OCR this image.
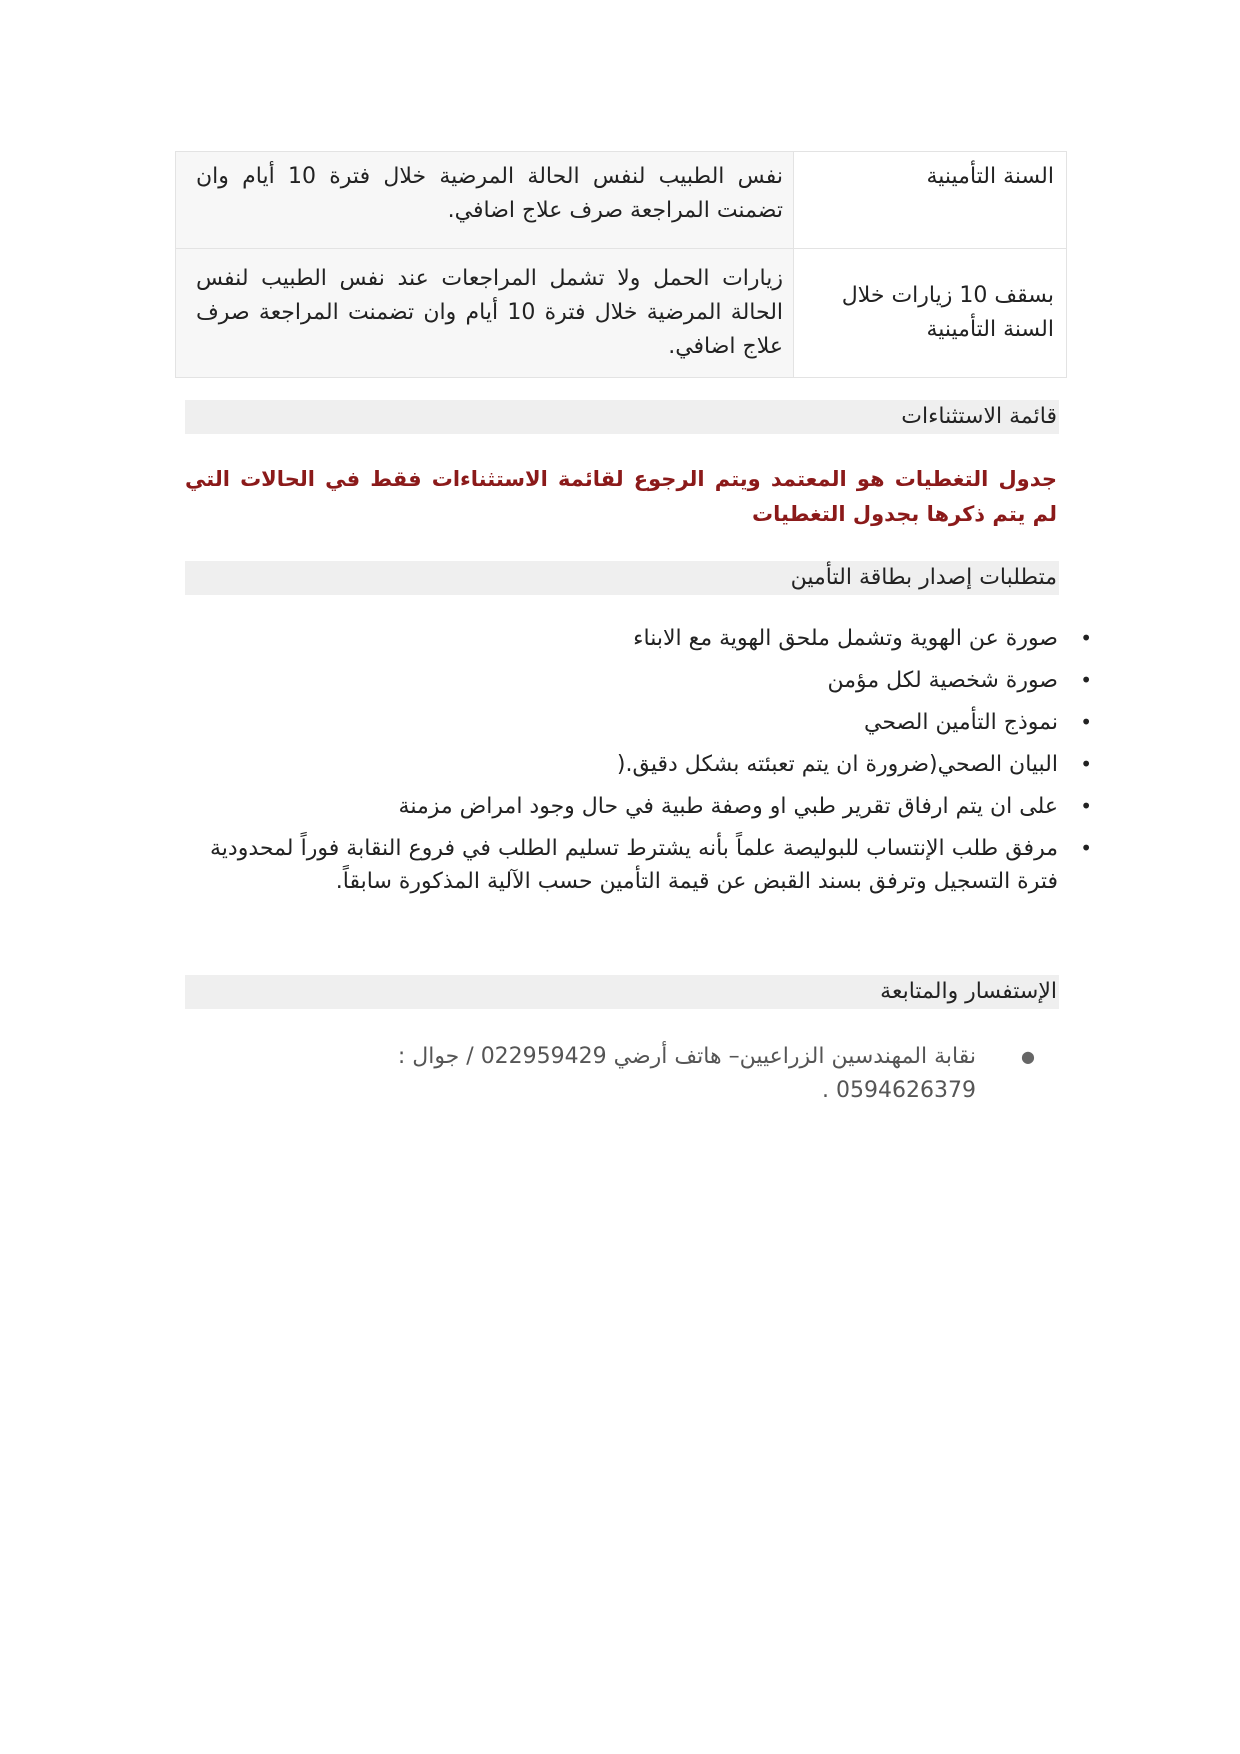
السنة التأمينية	نفس الطبيب لنفس الحالة المرضية خلال فترة 10 أيام وان تضمنت المراجعة صرف علاج اضافي.
بسقف 10 زيارات خلال السنة التأمينية	زيارات الحمل ولا تشمل المراجعات عند نفس الطبيب لنفس الحالة المرضية خلال فترة 10 أيام وان تضمنت المراجعة صرف علاج اضافي.
قائمة الاستثناءات
جدول التغطيات هو المعتمد ويتم الرجوع لقائمة الاستثناءات فقط في الحالات التي لم يتم ذكرها بجدول التغطيات
متطلبات إصدار بطاقة التأمين
•
صورة عن الهوية وتشمل ملحق الهوية مع الابناء
•
صورة شخصية لكل مؤمن
•
نموذج التأمين الصحي
•
البيان الصحي(ضرورة ان يتم تعبئته بشكل دقيق.(
•
على ان يتم ارفاق تقرير طبي او وصفة طبية في حال وجود امراض مزمنة
•
مرفق طلب الإنتساب للبوليصة علماً بأنه يشترط تسليم الطلب في فروع النقابة فوراً لمحدودية فترة التسجيل وترفق بسند القبض عن قيمة التأمين حسب الآلية المذكورة سابقاً.
الإستفسار والمتابعة
●
نقابة المهندسين الزراعيين– هاتف أرضي 022959429 / جوال : 0594626379 .
